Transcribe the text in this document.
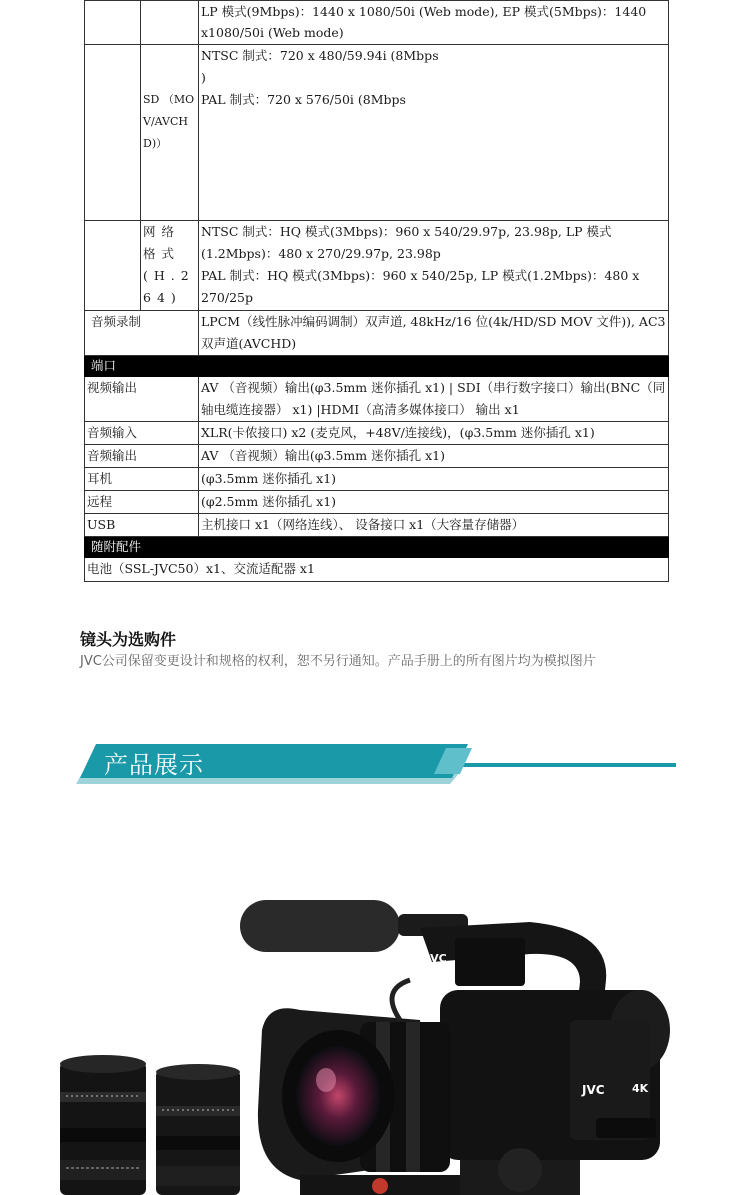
		LP 模式(9Mbps)：1440 x 1080/50i (Web mode), EP 模式(5Mbps)：1440 x1080/50i (Web mode)
	SD （MOV/AVCHD)）	NTSC 制式：720 x 480/59.94i (8Mbps )
PAL 制式：720 x 576/50i (8Mbps

	网络格式 (H.264)	NTSC 制式：HQ 模式(3Mbps)：960 x 540/29.97p, 23.98p, LP 模式(1.2Mbps)：480 x 270/29.97p, 23.98p
PAL 制式：HQ 模式(3Mbps)：960 x 540/25p, LP 模式(1.2Mbps)：480 x 270/25p

音频录制		LPCM（线性脉冲编码调制）双声道, 48kHz/16 位(4k/HD/SD MOV 文件)), AC3 双声道(AVCHD)
端口		
视频输出		AV （音视频）输出(φ3.5mm 迷你插孔 x1) | SDI（串行数字接口）输出(BNC（同轴电缆连接器） x1) |HDMI（高清多媒体接口） 输出 x1
音频输入		XLR(卡侬接口) x2 (麦克风，+48V/连接线)，(φ3.5mm 迷你插孔 x1)
音频输出		AV （音视频）输出(φ3.5mm 迷你插孔 x1)
耳机		(φ3.5mm 迷你插孔 x1)
远程		(φ2.5mm 迷你插孔 x1)
USB		主机接口 x1（网络连线）、 设备接口 x1（大容量存储器）
随附配件		
电池（SSL-JVC50）x1、交流适配器 x1		
镜头为选购件
JVC公司保留变更设计和规格的权利，恕不另行通知。产品手册上的所有图片均为模拟图片
产品展示
JVC
JVC 4K
